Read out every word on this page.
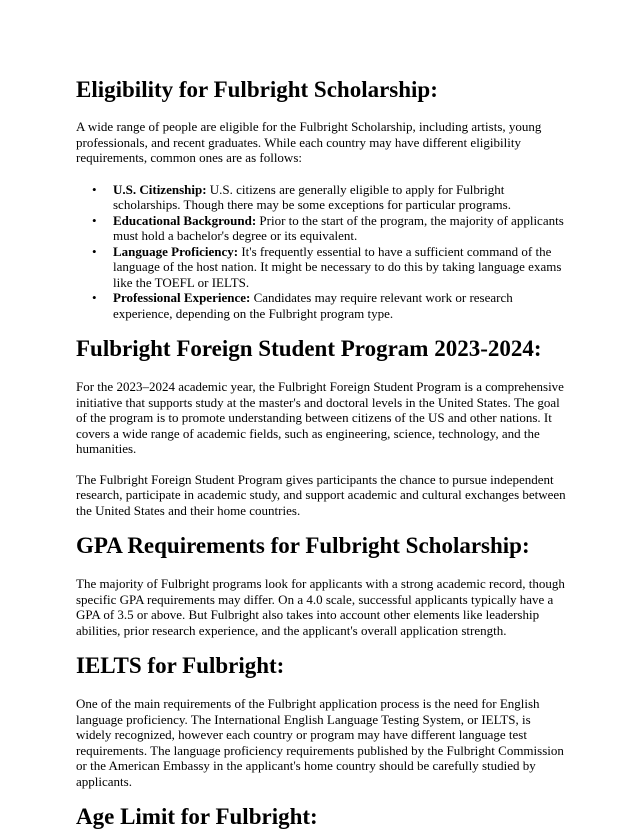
Eligibility for Fulbright Scholarship:

A wide range of people are eligible for the Fulbright Scholarship, including artists, young professionals, and recent graduates. While each country may have different eligibility requirements, common ones are as follows:

• U.S. Citizenship: U.S. citizens are generally eligible to apply for Fulbright scholarships. Though there may be some exceptions for particular programs.
• Educational Background: Prior to the start of the program, the majority of applicants must hold a bachelor's degree or its equivalent.
• Language Proficiency: It's frequently essential to have a sufficient command of the language of the host nation. It might be necessary to do this by taking language exams like the TOEFL or IELTS.
• Professional Experience: Candidates may require relevant work or research experience, depending on the Fulbright program type.
Fulbright Foreign Student Program 2023-2024:

For the 2023–2024 academic year, the Fulbright Foreign Student Program is a comprehensive initiative that supports study at the master's and doctoral levels in the United States. The goal of the program is to promote understanding between citizens of the US and other nations. It covers a wide range of academic fields, such as engineering, science, technology, and the humanities.

The Fulbright Foreign Student Program gives participants the chance to pursue independent research, participate in academic study, and support academic and cultural exchanges between the United States and their home countries.

GPA Requirements for Fulbright Scholarship:

The majority of Fulbright programs look for applicants with a strong academic record, though specific GPA requirements may differ. On a 4.0 scale, successful applicants typically have a GPA of 3.5 or above. But Fulbright also takes into account other elements like leadership abilities, prior research experience, and the applicant's overall application strength.

IELTS for Fulbright:

One of the main requirements of the Fulbright application process is the need for English language proficiency. The International English Language Testing System, or IELTS, is widely recognized, however each country or program may have different language test requirements. The language proficiency requirements published by the Fulbright Commission or the American Embassy in the applicant's home country should be carefully studied by applicants.

Age Limit for Fulbright:
